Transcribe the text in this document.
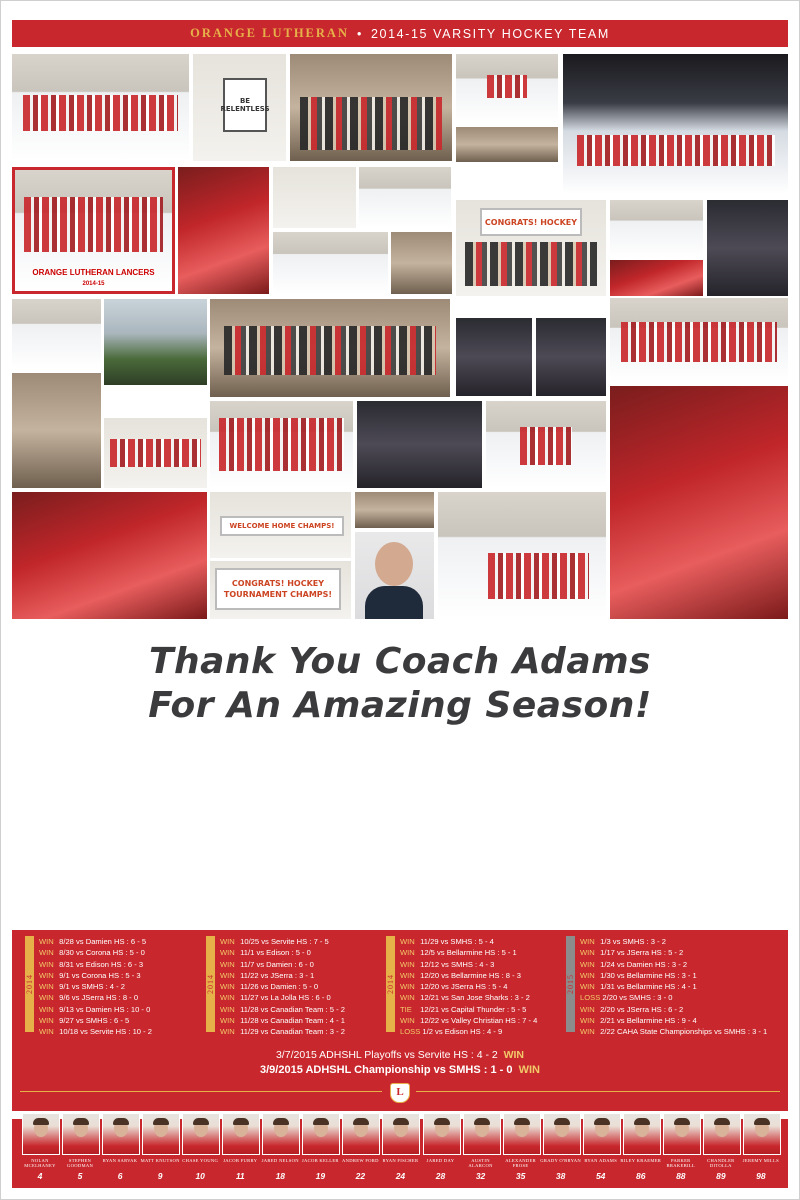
ORANGE LUTHERAN • 2014-15 VARSITY HOCKEY TEAM
BE RELENTLESS
ORANGE LUTHERAN LANCERS
2014-15
CONGRATS! HOCKEY
WELCOME HOME CHAMPS!
CONGRATS! HOCKEY TOURNAMENT CHAMPS!
Thank You Coach Adams
For An Amazing Season!
2014
WIN 8/28 vs Damien HS : 6 - 5
WIN 8/30 vs Corona HS : 5 - 0
WIN 8/31 vs Edison HS : 6 - 3
WIN 9/1 vs Corona HS : 5 - 3
WIN 9/1 vs SMHS : 4 - 2
WIN 9/6 vs JSerra HS : 8 - 0
WIN 9/13 vs Damien HS : 10 - 0
WIN 9/27 vs SMHS : 6 - 5
WIN 10/18 vs Servite HS : 10 - 2
2014
WIN 10/25 vs Servite HS : 7 - 5
WIN 11/1 vs Edison : 5 - 0
WIN 11/7 vs Damien : 6 - 0
WIN 11/22 vs JSerra : 3 - 1
WIN 11/26 vs Damien : 5 - 0
WIN 11/27 vs La Jolla HS : 6 - 0
WIN 11/28 vs Canadian Team : 5 - 2
WIN 11/28 vs Canadian Team : 4 - 1
WIN 11/29 vs Canadian Team : 3 - 2
2014
WIN 11/29 vs SMHS : 5 - 4
WIN 12/5 vs Bellarmine HS : 5 - 1
WIN 12/12 vs SMHS : 4 - 3
WIN 12/20 vs Bellarmine HS : 8 - 3
WIN 12/20 vs JSerra HS : 5 - 4
WIN 12/21 vs San Jose Sharks : 3 - 2
TIE 12/21 vs Capital Thunder : 5 - 5
WIN 12/22 vs Valley Christian HS : 7 - 4
LOSS 1/2 vs Edison HS : 4 - 9
2015
WIN 1/3 vs SMHS : 3 - 2
WIN 1/17 vs JSerra HS : 5 - 2
WIN 1/24 vs Damien HS : 3 - 2
WIN 1/30 vs Bellarmine HS : 3 - 1
WIN 1/31 vs Bellarmine HS : 4 - 1
LOSS 2/20 vs SMHS : 3 - 0
WIN 2/20 vs JSerra HS : 6 - 2
WIN 2/21 vs Bellarmine HS : 9 - 4
WIN 2/22 CAHA State Championships vs SMHS : 3 - 1
3/7/2015 ADHSHL Playoffs vs Servite HS : 4 - 2 WIN
3/9/2015 ADHSHL Championship vs SMHS : 1 - 0 WIN
L
NOLAN MCELHANEY
4
STEPHEN GOODMAN
5
RYAN SARVAK
6
MATT KNUTSON
9
CHASE YOUNG
10
JACOB FURRY
11
JARED NELSON
18
JACOB KELLER
19
ANDREW FORD
22
RYAN FISCHER
24
JARED DAY
28
AUSTIN ALARCON
32
ALEXANDER FROSE
35
GRADY O'BRYAN
38
RYAN ADAMS
54
RILEY KRAEMER
86
PARKER BRAKEBILL
88
CHANDLER DITOLLA
89
JEREMY MILLS
98
